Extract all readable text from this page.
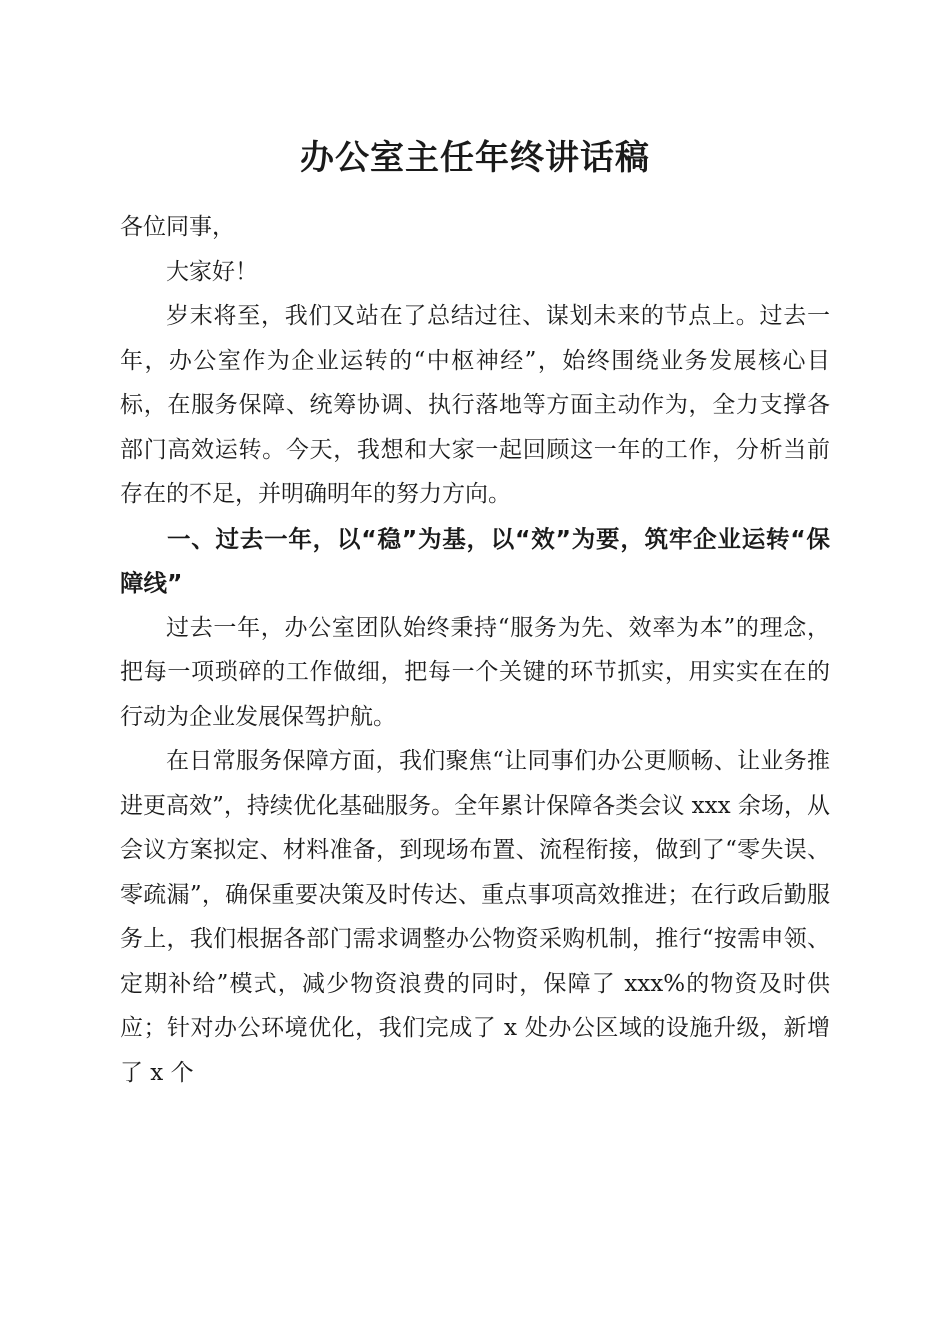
办公室主任年终讲话稿

各位同事，

大家好！

岁末将至，我们又站在了总结过往、谋划未来的节点上。过去一年，办公室作为企业运转的“中枢神经”，始终围绕业务发展核心目标，在服务保障、统筹协调、执行落地等方面主动作为，全力支撑各部门高效运转。今天，我想和大家一起回顾这一年的工作，分析当前存在的不足，并明确明年的努力方向。

一、过去一年，以“稳”为基，以“效”为要，筑牢企业运转“保障线”

过去一年，办公室团队始终秉持“服务为先、效率为本”的理念，把每一项琐碎的工作做细，把每一个关键的环节抓实，用实实在在的行动为企业发展保驾护航。

在日常服务保障方面，我们聚焦“让同事们办公更顺畅、让业务推进更高效”，持续优化基础服务。全年累计保障各类会议 xxx 余场，从会议方案拟定、材料准备，到现场布置、流程衔接，做到了“零失误、零疏漏”，确保重要决策及时传达、重点事项高效推进；在行政后勤服务上，我们根据各部门需求调整办公物资采购机制，推行“按需申领、定期补给”模式，减少物资浪费的同时，保障了 xxx%的物资及时供应；针对办公环境优化，我们完成了 x 处办公区域的设施升级，新增了 x 个
